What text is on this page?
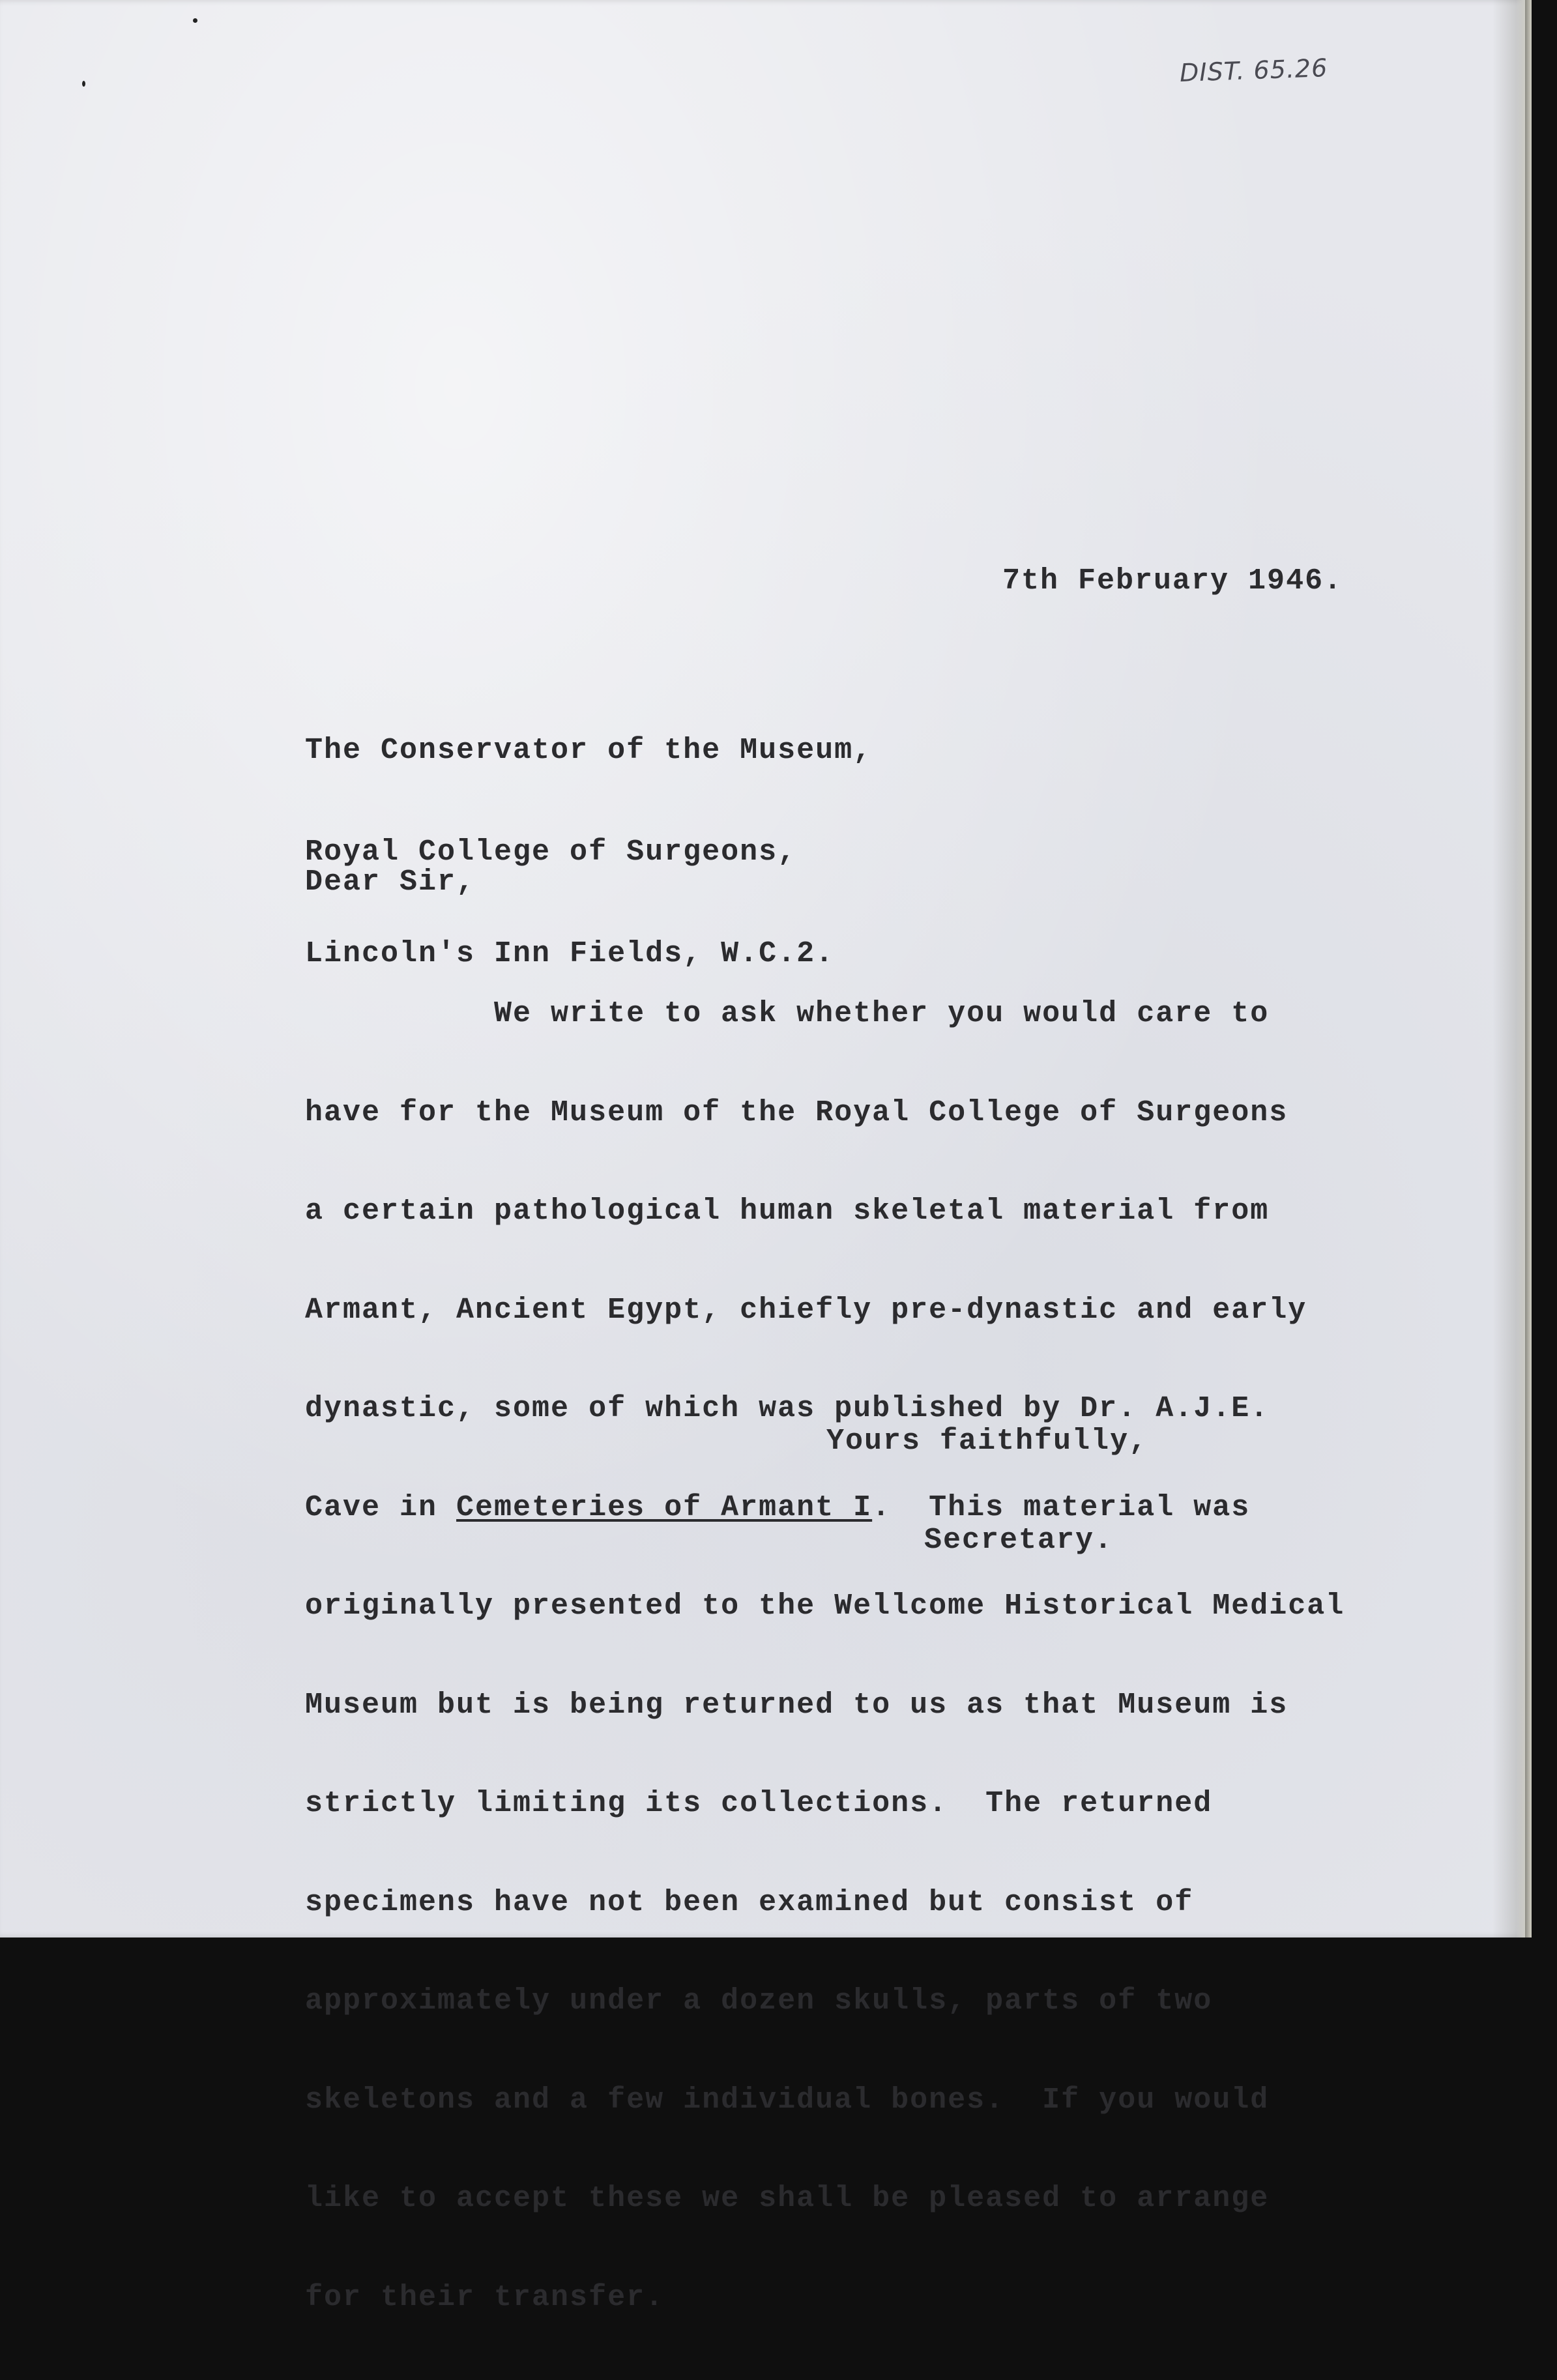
DIST. 65.26

7th February 1946.

The Conservator of the Museum,

Royal College of Surgeons,

Lincoln's Inn Fields, W.C.2.

Dear Sir,

We write to ask whether you would care to

have for the Museum of the Royal College of Surgeons

a certain pathological human skeletal material from

Armant, Ancient Egypt, chiefly pre-dynastic and early

dynastic, some of which was published by Dr. A.J.E.

Cave in Cemeteries of Armant I.  This material was

originally presented to the Wellcome Historical Medical

Museum but is being returned to us as that Museum is

strictly limiting its collections.  The returned

specimens have not been examined but consist of

approximately under a dozen skulls, parts of two

skeletons and a few individual bones.  If you would

like to accept these we shall be pleased to arrange

for their transfer.

Yours faithfully,

Secretary.
